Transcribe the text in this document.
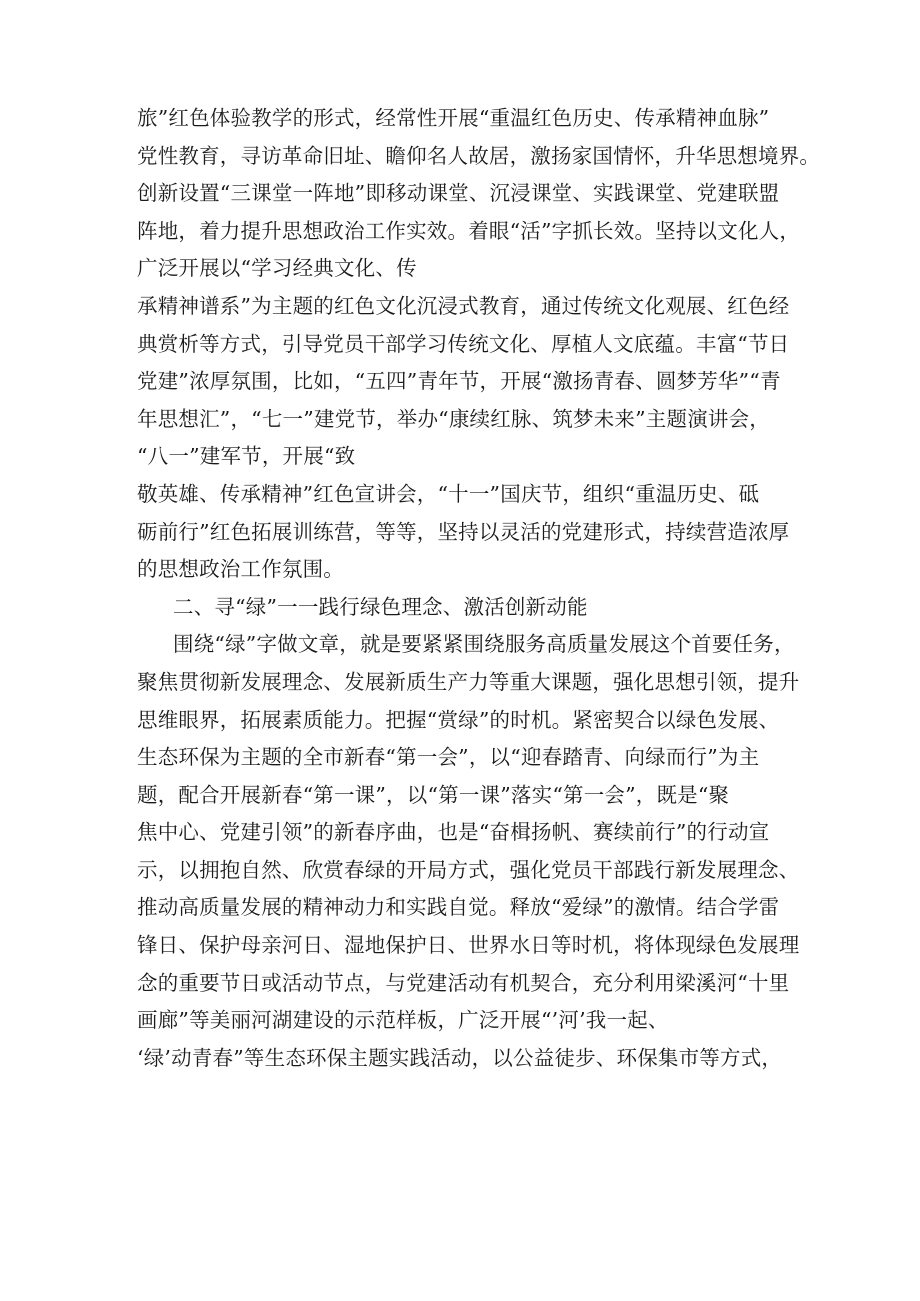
旅”红色体验教学的形式，经常性开展“重温红色历史、传承精神血脉”
党性教育，寻访革命旧址、瞻仰名人故居，激扬家国情怀，升华思想境界。
创新设置“三课堂一阵地”即移动课堂、沉浸课堂、实践课堂、党建联盟
阵地，着力提升思想政治工作实效。着眼“活”字抓长效。坚持以文化人，
广泛开展以“学习经典文化、传
承精神谱系”为主题的红色文化沉浸式教育，通过传统文化观展、红色经
典赏析等方式，引导党员干部学习传统文化、厚植人文底蕴。丰富“节日
党建”浓厚氛围，比如，“五四”青年节，开展“激扬青春、圆梦芳华”“青
年思想汇”，“七一”建党节，举办“康续红脉、筑梦未来”主题演讲会，
“八一”建军节，开展“致
敬英雄、传承精神”红色宣讲会，“十一”国庆节，组织“重温历史、砥
砺前行”红色拓展训练营，等等，坚持以灵活的党建形式，持续营造浓厚
的思想政治工作氛围。
二、寻“绿”一一践行绿色理念、激活创新动能
围绕“绿”字做文章，就是要紧紧围绕服务高质量发展这个首要任务，
聚焦贯彻新发展理念、发展新质生产力等重大课题，强化思想引领，提升
思维眼界，拓展素质能力。把握“赏绿”的时机。紧密契合以绿色发展、
生态环保为主题的全市新春“第一会”，以“迎春踏青、向绿而行”为主
题，配合开展新春“第一课”，以“第一课”落实“第一会”，既是“聚
焦中心、党建引领”的新春序曲，也是“奋楫扬帆、赛续前行”的行动宣
示，以拥抱自然、欣赏春绿的开局方式，强化党员干部践行新发展理念、
推动高质量发展的精神动力和实践自觉。释放“爱绿”的激情。结合学雷
锋日、保护母亲河日、湿地保护日、世界水日等时机，将体现绿色发展理
念的重要节日或活动节点，与党建活动有机契合，充分利用梁溪河“十里
画廊”等美丽河湖建设的示范样板，广泛开展“’河’我一起、
‘绿’动青春”等生态环保主题实践活动，以公益徒步、环保集市等方式，
